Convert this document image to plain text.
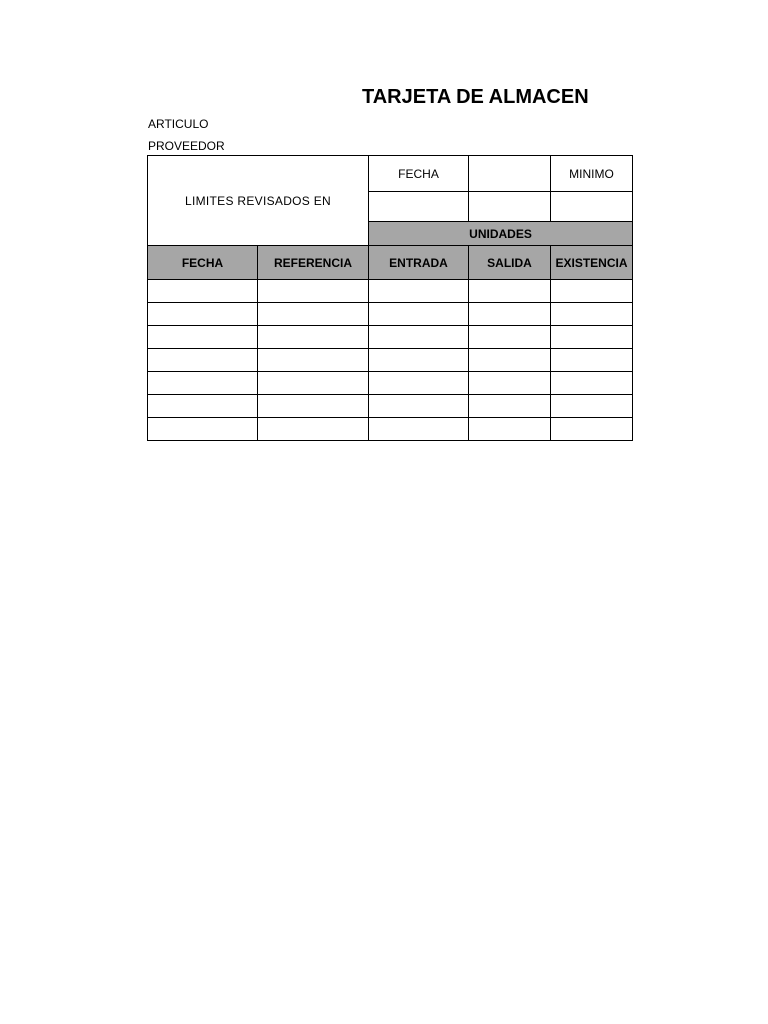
TARJETA DE ALMACEN
ARTICULO
PROVEEDOR
LIMITES REVISADOS EN		FECHA		MINIMO

		UNIDADES		
FECHA	REFERENCIA	ENTRADA	SALIDA	EXISTENCIA
